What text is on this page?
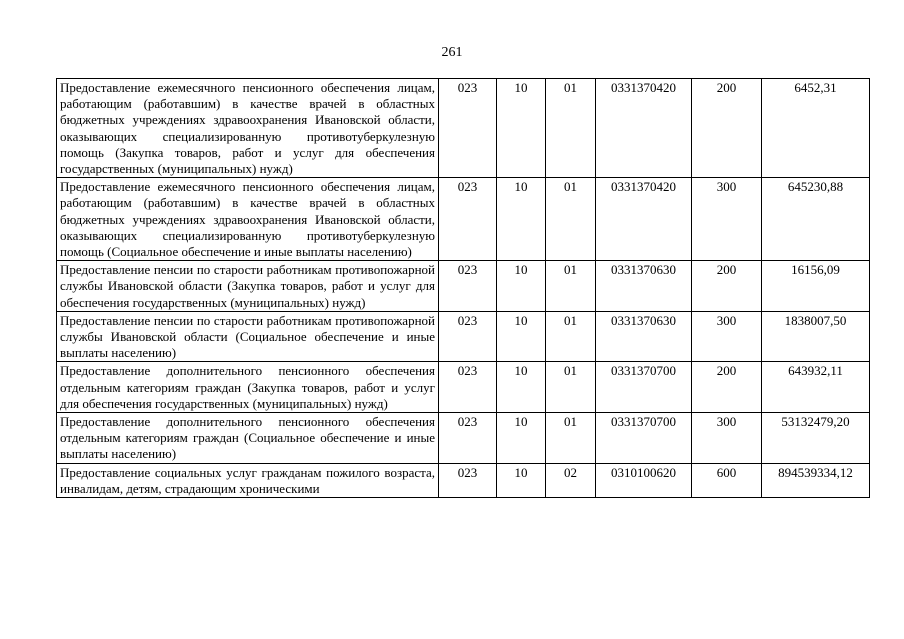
261
Предоставление ежемесячного пенсионного обеспечения лицам, работающим (работавшим) в качестве врачей в областных бюджетных учреждениях здравоохранения Ивановской области, оказывающих специализированную противотуберкулезную помощь (Закупка товаров, работ и услуг для обеспечения государственных (муниципальных) нужд)	023	10	01	0331370420	200	6452,31

Предоставление ежемесячного пенсионного обеспечения лицам, работающим (работавшим) в качестве врачей в областных бюджетных учреждениях здравоохранения Ивановской области, оказывающих специализированную противотуберкулезную помощь (Социальное обеспечение и иные выплаты населению)	023	10	01	0331370420	300	645230,88

Предоставление пенсии по старости работникам противопожарной службы Ивановской области (Закупка товаров, работ и услуг для обеспечения государственных (муниципальных) нужд)	023	10	01	0331370630	200	16156,09

Предоставление пенсии по старости работникам противопожарной службы Ивановской области (Социальное обеспечение и иные выплаты населению)	023	10	01	0331370630	300	1838007,50

Предоставление дополнительного пенсионного обеспечения отдельным категориям граждан (Закупка товаров, работ и услуг для обеспечения государственных (муниципальных) нужд)	023	10	01	0331370700	200	643932,11

Предоставление дополнительного пенсионного обеспечения отдельным категориям граждан (Социальное обеспечение и иные выплаты населению)	023	10	01	0331370700	300	53132479,20

Предоставление социальных услуг гражданам пожилого возраста, инвалидам, детям, страдающим хроническими	023	10	02	0310100620	600	894539334,12
